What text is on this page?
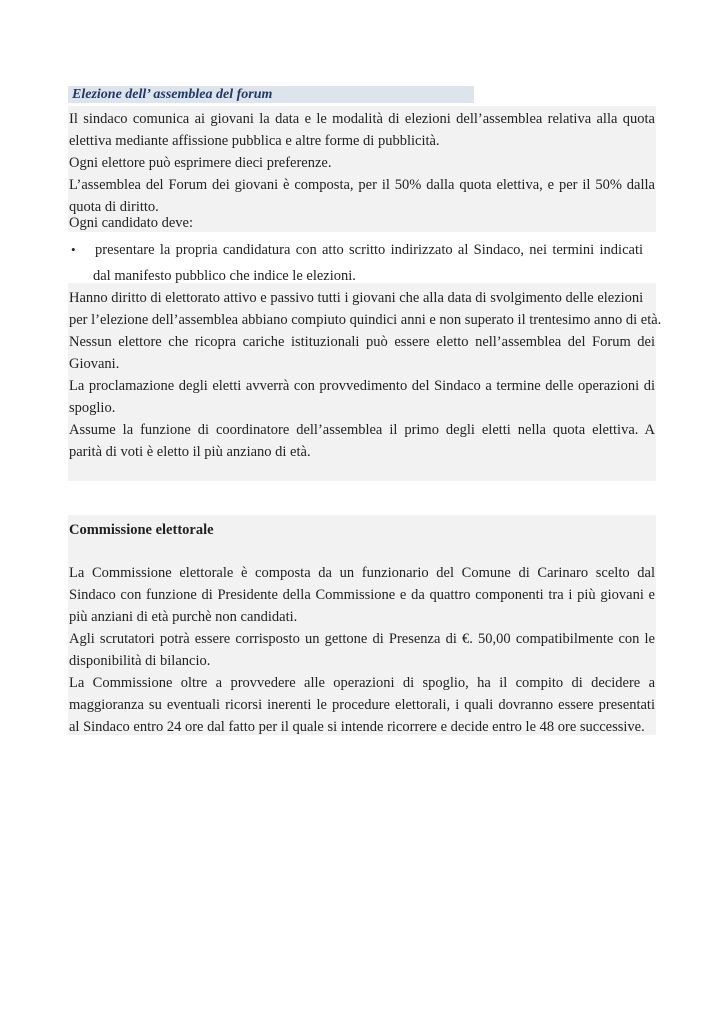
Elezione dell’ assemblea del forum
Il sindaco comunica ai giovani la data e le modalità di elezioni dell’assemblea relativa alla quota
elettiva mediante affissione pubblica e altre forme di pubblicità.
Ogni elettore può esprimere dieci preferenze.
L’assemblea del Forum dei giovani è composta, per il 50% dalla quota elettiva, e per il 50% dalla
quota di diritto.
Ogni candidato deve:
• presentare la propria candidatura con atto scritto indirizzato al Sindaco, nei termini indicati
dal manifesto pubblico che indice le elezioni.
Hanno diritto di elettorato attivo e passivo tutti i giovani che alla data di svolgimento delle elezioni
per l’elezione dell’assemblea abbiano compiuto quindici anni e non superato il trentesimo anno di età.
Nessun elettore che ricopra cariche istituzionali può essere eletto nell’assemblea del Forum dei
Giovani.
La proclamazione degli eletti avverrà con provvedimento del Sindaco a termine delle operazioni di
spoglio.
Assume la funzione di coordinatore dell’assemblea il primo degli eletti nella quota elettiva. A
parità di voti è eletto il più anziano di età.
Commissione elettorale
La Commissione elettorale è composta da un funzionario del Comune di Carinaro scelto dal
Sindaco con funzione di Presidente della Commissione e da quattro componenti tra i più giovani e
più anziani di età purchè non candidati.
Agli scrutatori potrà essere corrisposto un gettone di Presenza di €. 50,00 compatibilmente con le
disponibilità di bilancio.
La Commissione oltre a provvedere alle operazioni di spoglio, ha il compito di decidere a
maggioranza su eventuali ricorsi inerenti le procedure elettorali, i quali dovranno essere presentati
al Sindaco entro 24 ore dal fatto per il quale si intende ricorrere e decide entro le 48 ore successive.
